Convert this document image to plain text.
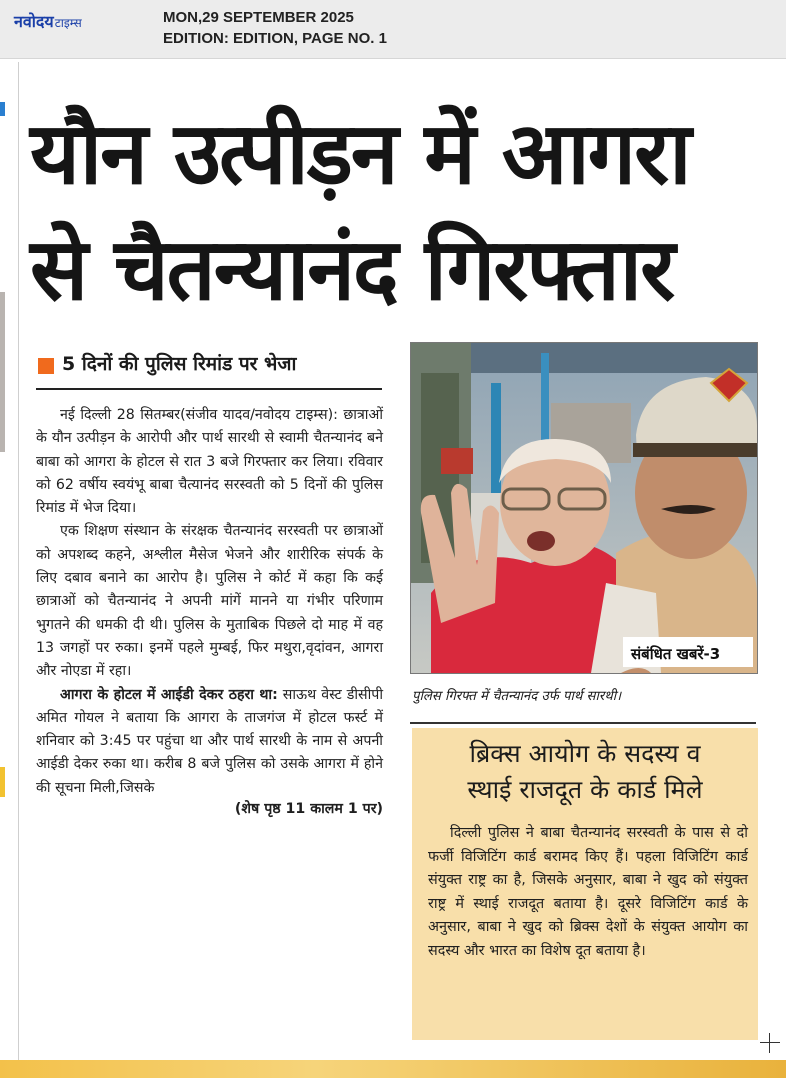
नवोदयटाइम्स	MON,29 SEPTEMBER 2025
EDITION: EDITION, PAGE NO. 1
यौन उत्पीड़न में आगरा
से चैतन्यानंद गिरफ्तार
5 दिनों की पुलिस रिमांड पर भेजा

नई दिल्ली 28 सितम्बर(संजीव यादव/नवोदय टाइम्स): छात्राओं के यौन उत्पीड़न के आरोपी और पार्थ सारथी से स्वामी चैतन्यानंद बने बाबा को आगरा के होटल से रात 3 बजे गिरफ्तार कर लिया। रविवार को 62 वर्षीय स्वयंभू बाबा चैत्यानंद सरस्वती को 5 दिनों की पुलिस रिमांड में भेज दिया।

एक शिक्षण संस्थान के संरक्षक चैतन्यानंद सरस्वती पर छात्राओं को अपशब्द कहने, अश्लील मैसेज भेजने और शारीरिक संपर्क के लिए दबाव बनाने का आरोप है। पुलिस ने कोर्ट में कहा कि कई छात्राओं को चैतन्यानंद ने अपनी मांगें मानने या गंभीर परिणाम भुगतने की धमकी दी थी। पुलिस के मुताबिक पिछले दो माह में वह 13 जगहों पर रुका। इनमें पहले मुम्बई, फिर मथुरा,वृदांवन, आगरा और नोएडा में रहा।

आगरा के होटल में आईडी देकर ठहरा था: साऊथ वेस्ट डीसीपी अमित गोयल ने बताया कि आगरा के ताजगंज में होटल फर्स्ट में शनिवार को 3:45 पर पहुंचा था और पार्थ सारथी के नाम से अपनी आईडी देकर रुका था। करीब 8 बजे पुलिस को उसके आगरा में होने की सूचना मिली,जिसके

(शेष पृष्ठ 11 कालम 1 पर)
संबंधित खबरें-3
पुलिस गिरफ्त में चैतन्यानंद उर्फ पार्थ सारथी।
ब्रिक्स आयोग के सदस्य व
स्थाई राजदूत के कार्ड मिले

दिल्ली पुलिस ने बाबा चैतन्यानंद सरस्वती के पास से दो फर्जी विजिटिंग कार्ड बरामद किए हैं। पहला विजिटिंग कार्ड संयुक्त राष्ट्र का है, जिसके अनुसार, बाबा ने खुद को संयुक्त राष्ट्र में स्थाई राजदूत बताया है। दूसरे विजिटिंग कार्ड के अनुसार, बाबा ने खुद को ब्रिक्स देशों के संयुक्त आयोग का सदस्य और भारत का विशेष दूत बताया है।
